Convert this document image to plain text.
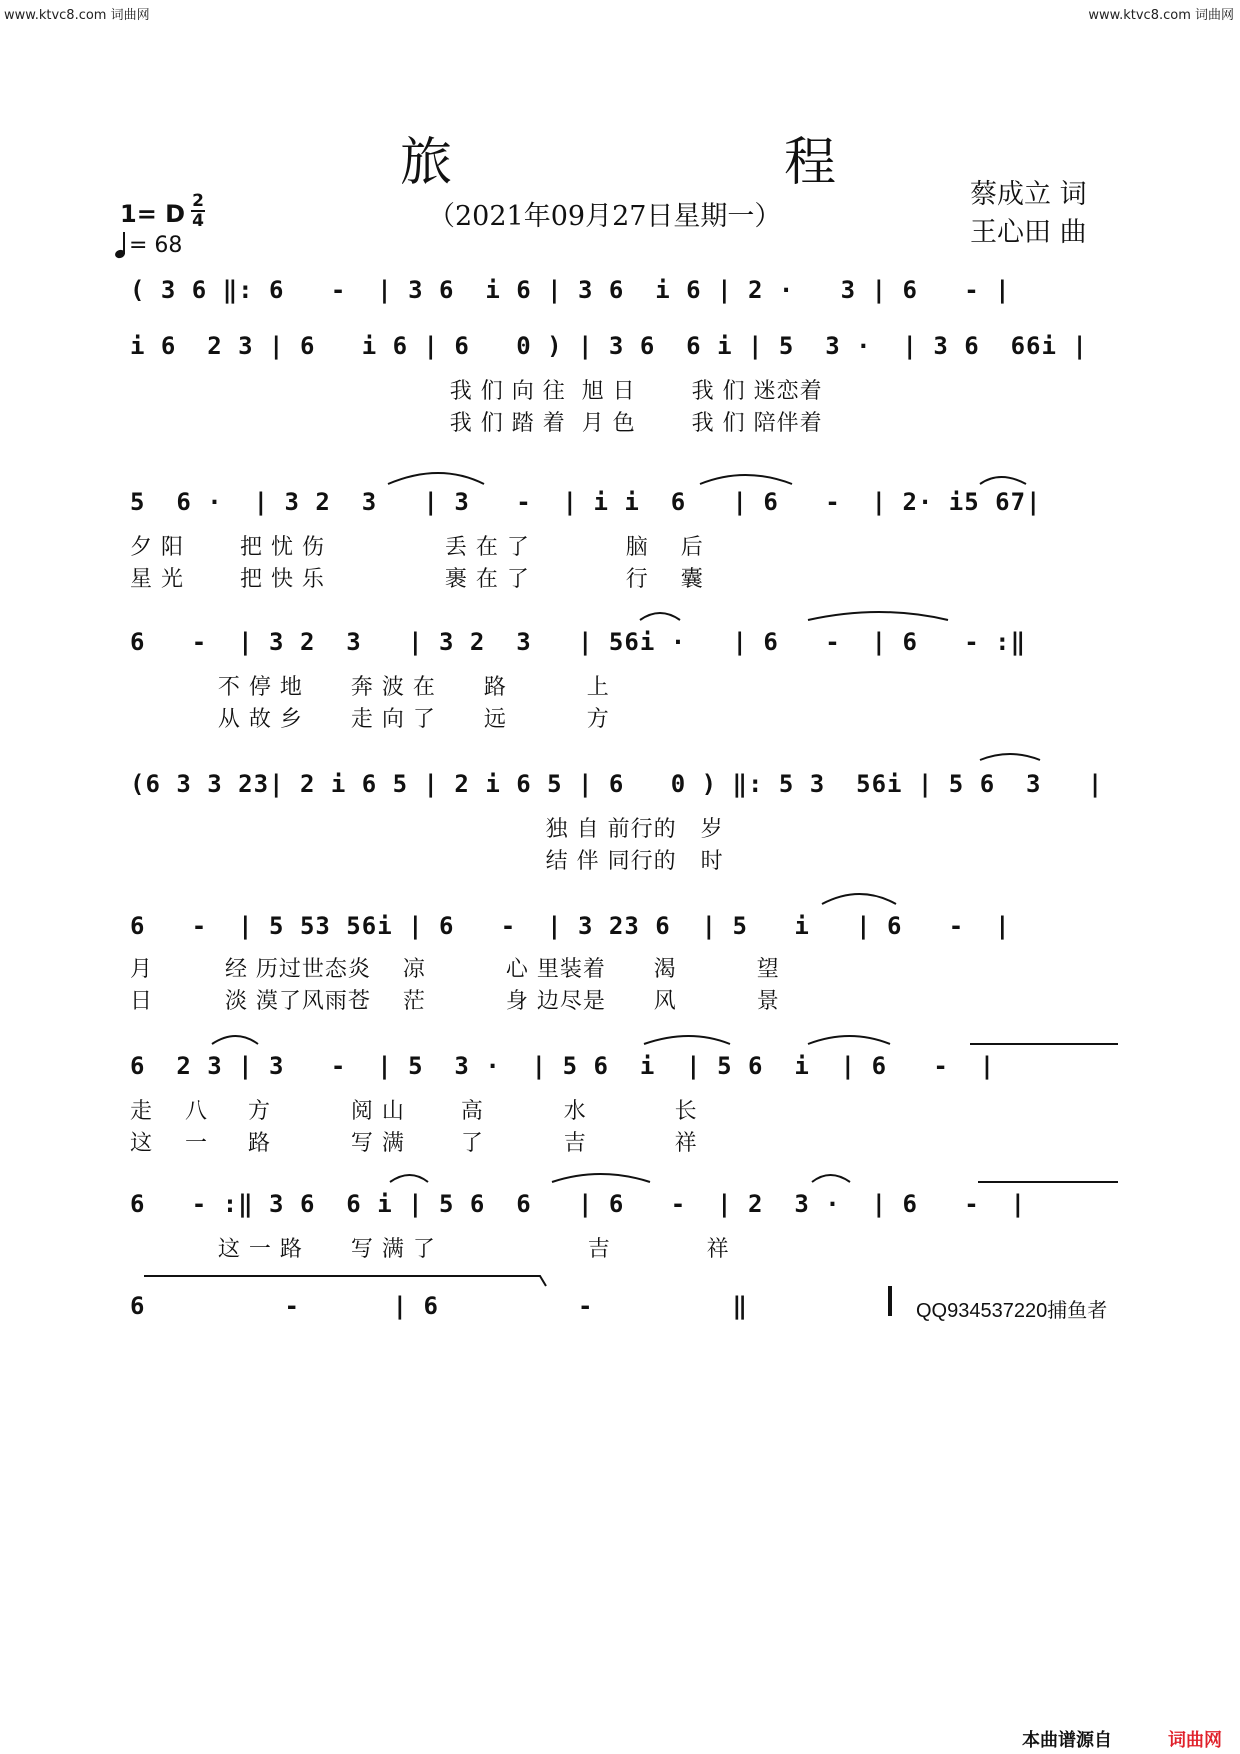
www.ktvc8.com 词曲网	www.ktvc8.com 词曲网
旅	程
（2021年09月27日星期一）
蔡成立 词
王心田 曲
1= D 2
4
= 68
( 3 6 ‖: 6   -  | 3 6  i 6 | 3 6  i 6 | 2 ·   3 | 6   - |
i 6  2 3 | 6   i 6 | 6   0 ) | 3 6  6 i | 5  3 ·  | 3 6  66i |
我 们 向 往  旭 日       我 们 迷恋着
我 们 踏 着  月 色       我 们 陪伴着
5  6 ·  | 3 2  3   | 3   -  | i i  6   | 6   -  | 2· i5 67|
夕 阳       把 忧 伤               丢 在 了            脑    后
星 光       把 快 乐               裹 在 了            行    囊
6   -  | 3 2  3   | 3 2  3   | 56i ·   | 6   -  | 6   - :‖
不 停 地      奔 波 在      路          上
从 故 乡      走 向 了      远          方
(6 3 3 23| 2 i 6 5 | 2 i 6 5 | 6   0 ) ‖: 5 3  56i | 5 6  3   |
独 自 前行的   岁
结 伴 同行的   时
6   -  | 5 53 56i | 6   -  | 3 23 6  | 5   i   | 6   -  |
月         经 历过世态炎    凉          心 里装着      渴          望
日         淡 漠了风雨苍    茫          身 边尽是      风          景
6  2 3 | 3   -  | 5  3 ·  | 5 6  i  | 5 6  i  | 6   -  |
走    八     方          阅 山       高          水           长
这    一     路          写 满       了          吉           祥
6   - :‖ 3 6  6 i | 5 6  6   | 6   -  | 2  3 ·  | 6   -  |
这 一 路      写 满 了                   吉            祥
6         -      | 6         -         ‖	QQ934537220捕鱼者
本曲谱源自	词曲网
